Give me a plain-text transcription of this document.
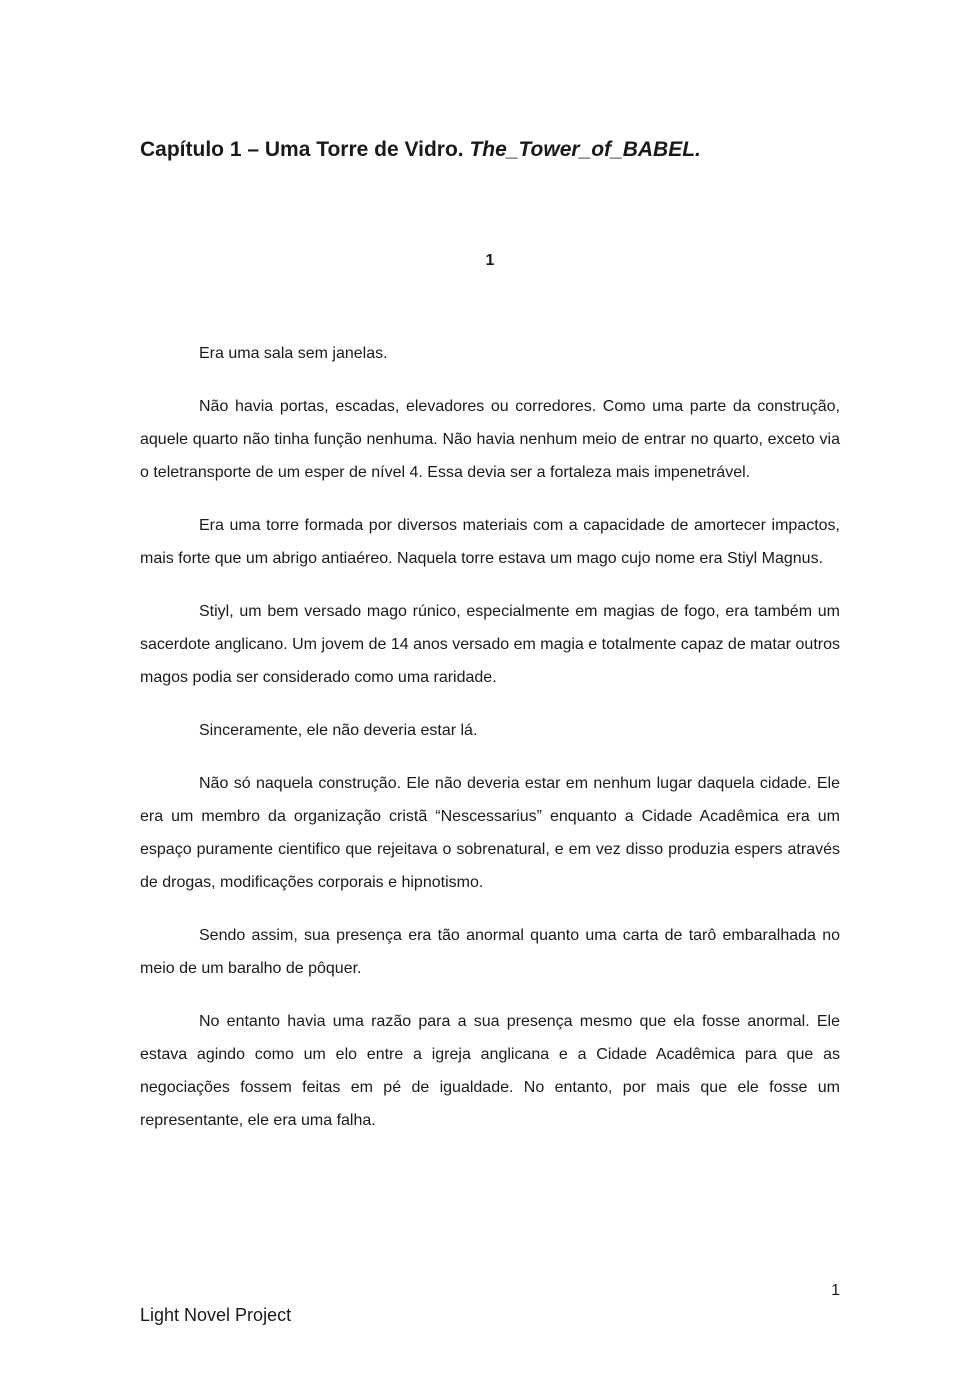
Capítulo 1 – Uma Torre de Vidro. The_Tower_of_BABEL.
1

Era uma sala sem janelas.

Não havia portas, escadas, elevadores ou corredores. Como uma parte da construção, aquele quarto não tinha função nenhuma. Não havia nenhum meio de entrar no quarto, exceto via o teletransporte de um esper de nível 4. Essa devia ser a fortaleza mais impenetrável.

Era uma torre formada por diversos materiais com a capacidade de amortecer impactos, mais forte que um abrigo antiaéreo. Naquela torre estava um mago cujo nome era Stiyl Magnus.

Stiyl, um bem versado mago rúnico, especialmente em magias de fogo, era também um sacerdote anglicano. Um jovem de 14 anos versado em magia e totalmente capaz de matar outros magos podia ser considerado como uma raridade.

Sinceramente, ele não deveria estar lá.

Não só naquela construção. Ele não deveria estar em nenhum lugar daquela cidade. Ele era um membro da organização cristã “Nescessarius” enquanto a Cidade Acadêmica era um espaço puramente cientifico que rejeitava o sobrenatural, e em vez disso produzia espers através de drogas, modificações corporais e hipnotismo.

Sendo assim, sua presença era tão anormal quanto uma carta de tarô embaralhada no meio de um baralho de pôquer.

No entanto havia uma razão para a sua presença mesmo que ela fosse anormal. Ele estava agindo como um elo entre a igreja anglicana e a Cidade Acadêmica para que as negociações fossem feitas em pé de igualdade. No entanto, por mais que ele fosse um representante, ele era uma falha.

1
Light Novel Project
